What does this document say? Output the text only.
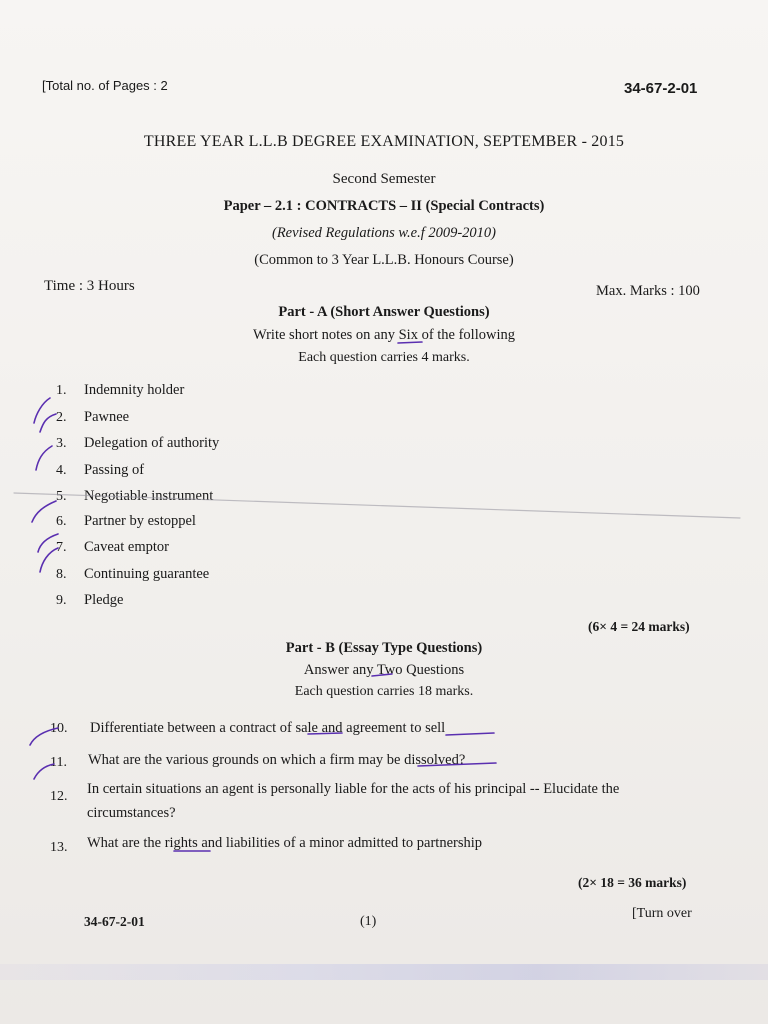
[Total no. of Pages : 2	34-67-2-01
THREE YEAR L.L.B DEGREE EXAMINATION, SEPTEMBER - 2015
Second Semester
Paper – 2.1 : CONTRACTS – II (Special Contracts)
(Revised Regulations w.e.f 2009-2010)
(Common to 3 Year L.L.B. Honours Course)
Time : 3 Hours	Max. Marks : 100
Part - A (Short Answer Questions)
Write short notes on any Six of the following
Each question carries 4 marks.
1. Indemnity holder
2. Pawnee
3. Delegation of authority
4. Passing of
5. Negotiable instrument
6. Partner by estoppel
7. Caveat emptor
8. Continuing guarantee
9. Pledge
(6× 4 = 24 marks)
Part - B (Essay Type Questions)
Answer any Two Questions
Each question carries 18 marks.
10. Differentiate between a contract of sale and agreement to sell
11. What are the various grounds on which a firm may be dissolved?
12. In certain situations an agent is personally liable for the acts of his principal -- Elucidate the
circumstances?
13. What are the rights and liabilities of a minor admitted to partnership
(2× 18 = 36 marks)
34-67-2-01	(1)
[Turn over
